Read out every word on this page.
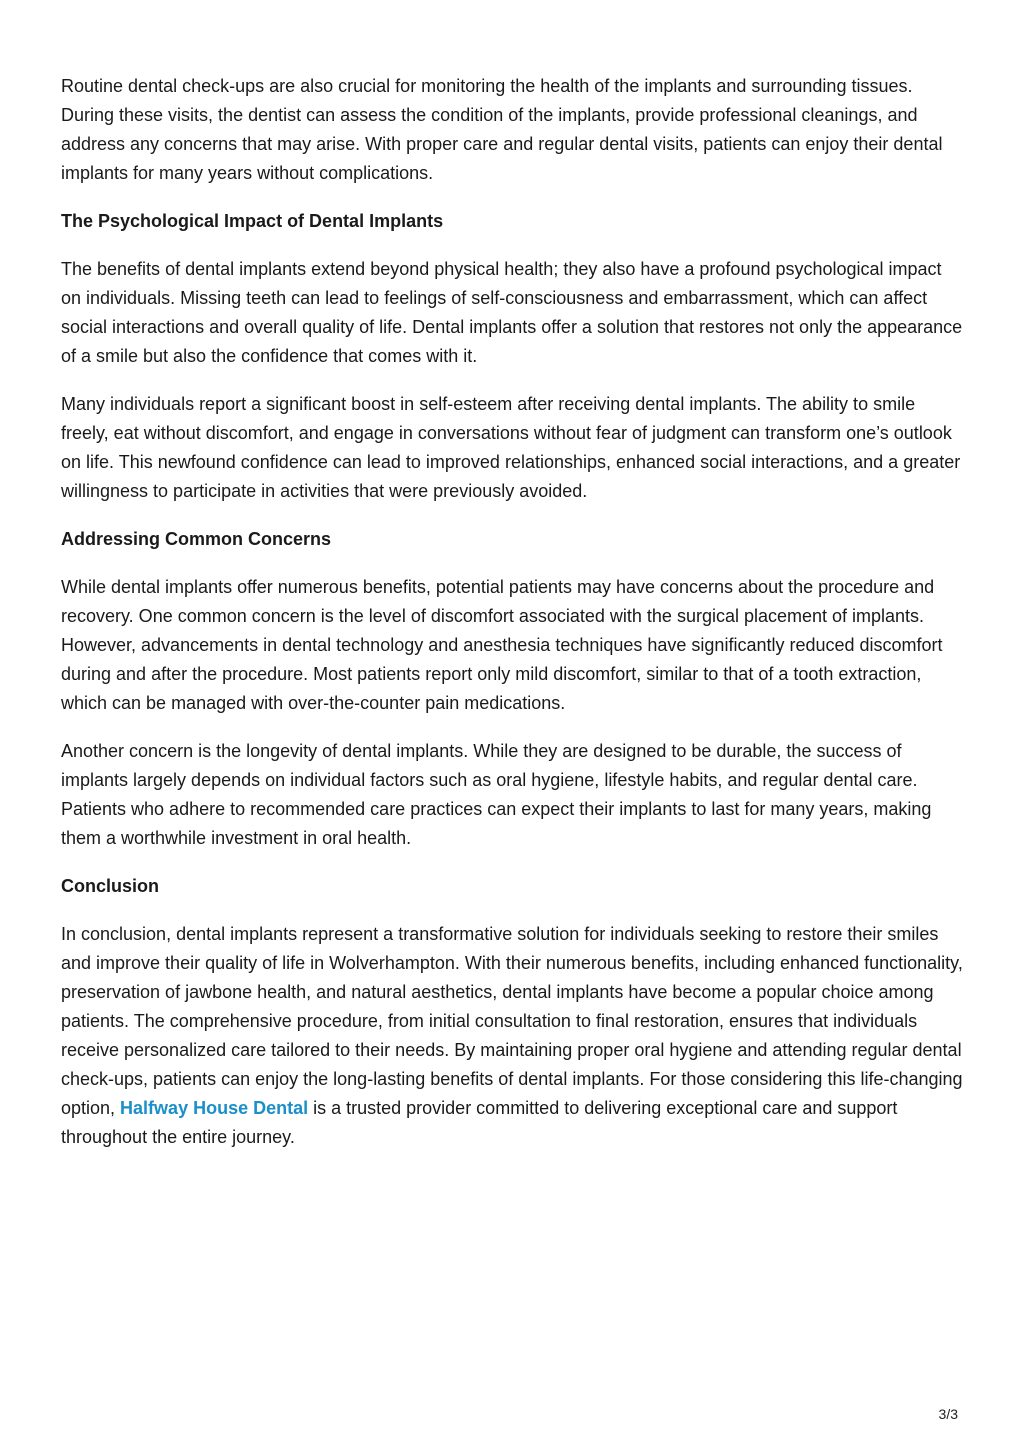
Routine dental check-ups are also crucial for monitoring the health of the implants and surrounding tissues. During these visits, the dentist can assess the condition of the implants, provide professional cleanings, and address any concerns that may arise. With proper care and regular dental visits, patients can enjoy their dental implants for many years without complications.

The Psychological Impact of Dental Implants

The benefits of dental implants extend beyond physical health; they also have a profound psychological impact on individuals. Missing teeth can lead to feelings of self-consciousness and embarrassment, which can affect social interactions and overall quality of life. Dental implants offer a solution that restores not only the appearance of a smile but also the confidence that comes with it.

Many individuals report a significant boost in self-esteem after receiving dental implants. The ability to smile freely, eat without discomfort, and engage in conversations without fear of judgment can transform one’s outlook on life. This newfound confidence can lead to improved relationships, enhanced social interactions, and a greater willingness to participate in activities that were previously avoided.

Addressing Common Concerns

While dental implants offer numerous benefits, potential patients may have concerns about the procedure and recovery. One common concern is the level of discomfort associated with the surgical placement of implants. However, advancements in dental technology and anesthesia techniques have significantly reduced discomfort during and after the procedure. Most patients report only mild discomfort, similar to that of a tooth extraction, which can be managed with over-the-counter pain medications.

Another concern is the longevity of dental implants. While they are designed to be durable, the success of implants largely depends on individual factors such as oral hygiene, lifestyle habits, and regular dental care. Patients who adhere to recommended care practices can expect their implants to last for many years, making them a worthwhile investment in oral health.

Conclusion

In conclusion, dental implants represent a transformative solution for individuals seeking to restore their smiles and improve their quality of life in Wolverhampton. With their numerous benefits, including enhanced functionality, preservation of jawbone health, and natural aesthetics, dental implants have become a popular choice among patients. The comprehensive procedure, from initial consultation to final restoration, ensures that individuals receive personalized care tailored to their needs. By maintaining proper oral hygiene and attending regular dental check-ups, patients can enjoy the long-lasting benefits of dental implants. For those considering this life-changing option, Halfway House Dental is a trusted provider committed to delivering exceptional care and support throughout the entire journey.

3/3
